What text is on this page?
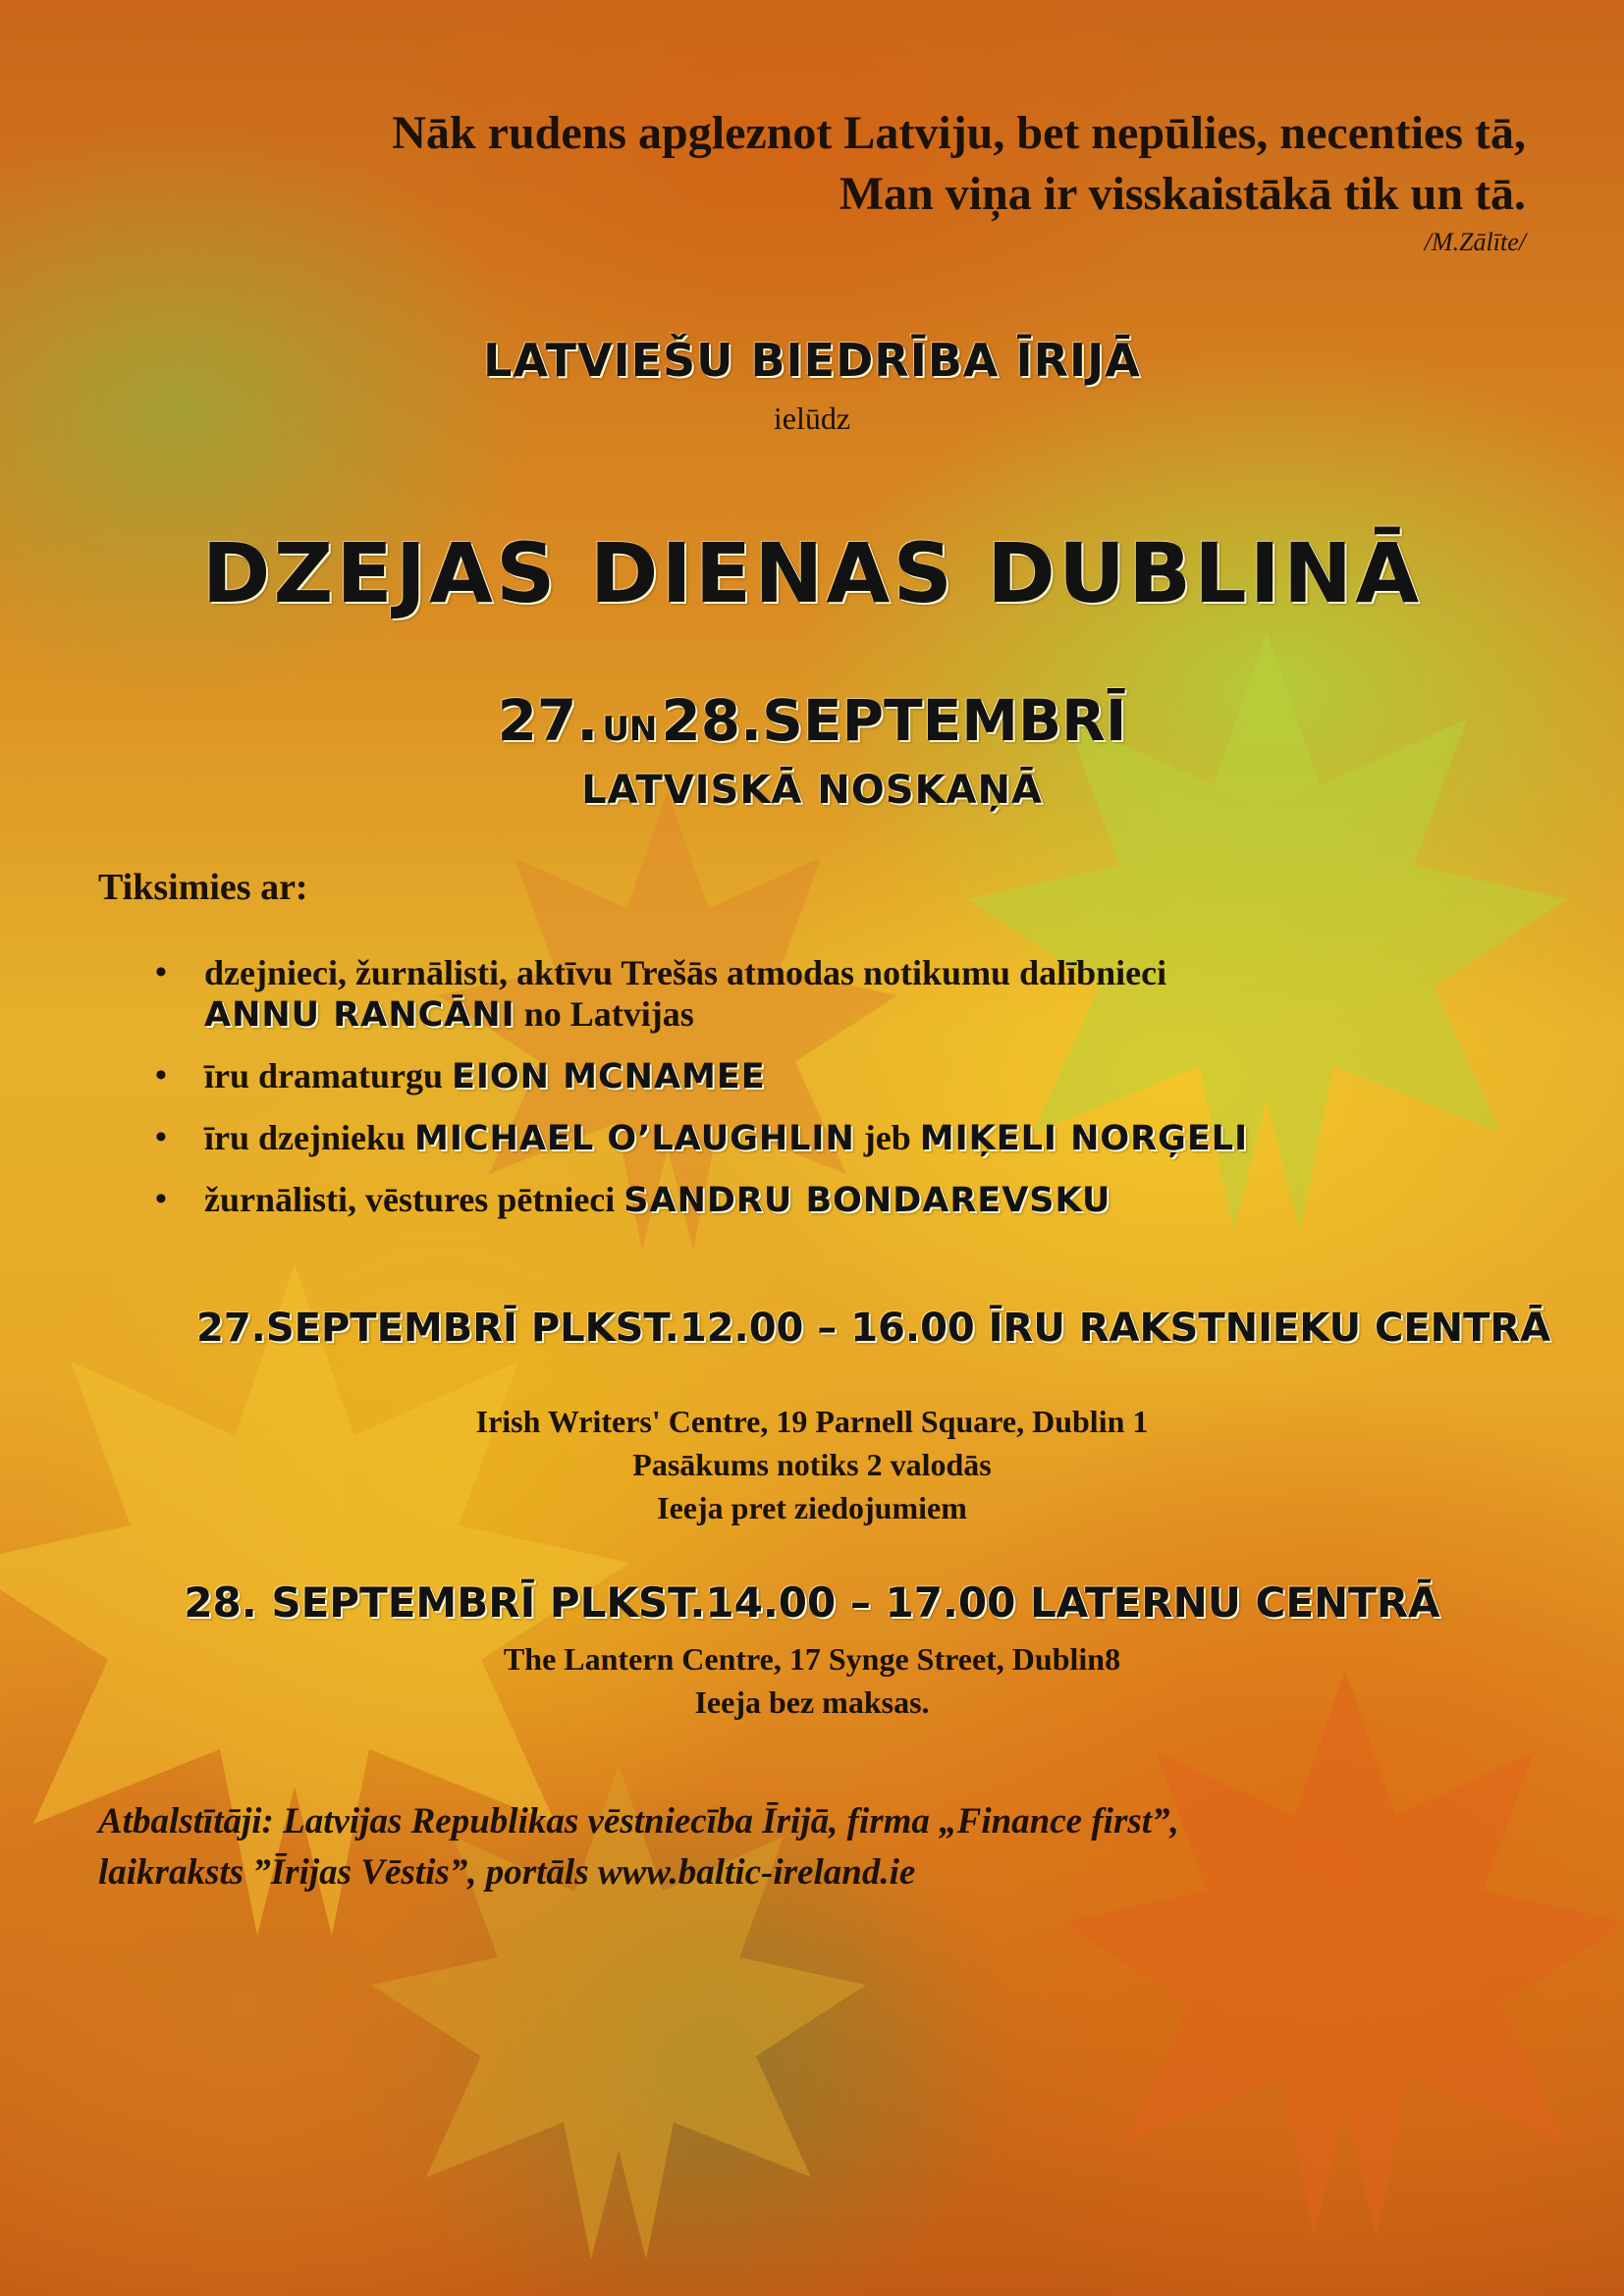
Nāk rudens apgleznot Latviju, bet nepūlies, necenties tā,
Man viņa ir visskaistākā tik un tā.
/M.Zālīte/
LATVIEŠU BIEDRĪBA ĪRIJĀ
ielūdz
DZEJAS DIENAS DUBLINĀ
27. UN 28.SEPTEMBRĪ
LATVISKĀ NOSKAŅĀ
Tiksimies ar:
• dzejnieci, žurnālisti, aktīvu Trešās atmodas notikumu dalībnieci
ANNU RANCĀNI no Latvijas
• īru dramaturgu EION MCNAMEE
• īru dzejnieku MICHAEL O’LAUGHLIN jeb MIĶELI NORĢELI
• žurnālisti, vēstures pētnieci SANDRU BONDAREVSKU
27.SEPTEMBRĪ PLKST.12.00 – 16.00 ĪRU RAKSTNIEKU CENTRĀ
Irish Writers' Centre, 19 Parnell Square, Dublin 1
Pasākums notiks 2 valodās
Ieeja pret ziedojumiem
28. SEPTEMBRĪ PLKST.14.00 – 17.00 LATERNU CENTRĀ
The Lantern Centre, 17 Synge Street, Dublin8
Ieeja bez maksas.
Atbalstītāji: Latvijas Republikas vēstniecība Īrijā, firma „Finance first”,
laikraksts ”Īrijas Vēstis”, portāls www.baltic-ireland.ie
